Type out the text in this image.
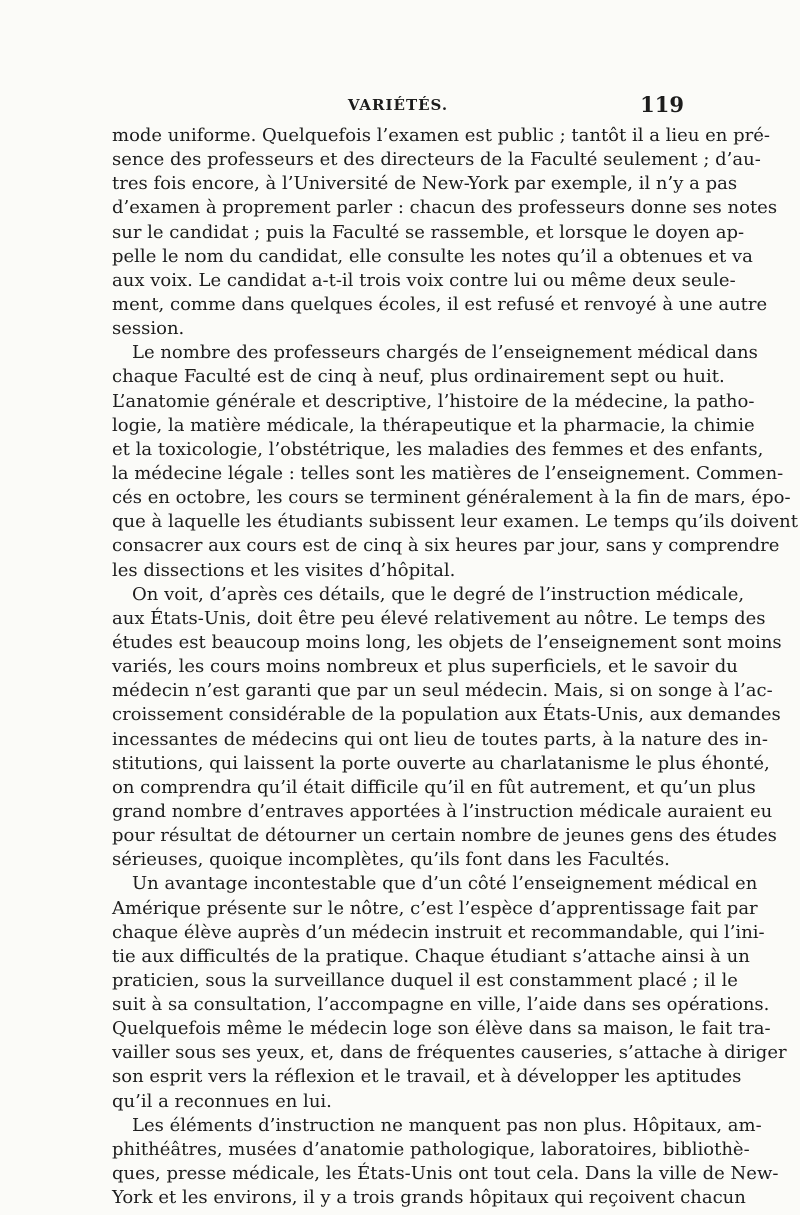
VARIÉTÉS.	119
mode uniforme. Quelquefois l’examen est public ; tantôt il a lieu en pré-
sence des professeurs et des directeurs de la Faculté seulement ; d’au-
tres fois encore, à l’Université de New-York par exemple, il n’y a pas
d’examen à proprement parler : chacun des professeurs donne ses notes
sur le candidat ; puis la Faculté se rassemble, et lorsque le doyen ap-
pelle le nom du candidat, elle consulte les notes qu’il a obtenues et va
aux voix. Le candidat a-t-il trois voix contre lui ou même deux seule-
ment, comme dans quelques écoles, il est refusé et renvoyé à une autre
session.
Le nombre des professeurs chargés de l’enseignement médical dans
chaque Faculté est de cinq à neuf, plus ordinairement sept ou huit.
L’anatomie générale et descriptive, l’histoire de la médecine, la patho-
logie, la matière médicale, la thérapeutique et la pharmacie, la chimie
et la toxicologie, l’obstétrique, les maladies des femmes et des enfants,
la médecine légale : telles sont les matières de l’enseignement. Commen-
cés en octobre, les cours se terminent généralement à la fin de mars, épo-
que à laquelle les étudiants subissent leur examen. Le temps qu’ils doivent
consacrer aux cours est de cinq à six heures par jour, sans y comprendre
les dissections et les visites d’hôpital.
On voit, d’après ces détails, que le degré de l’instruction médicale,
aux États-Unis, doit être peu élevé relativement au nôtre. Le temps des
études est beaucoup moins long, les objets de l’enseignement sont moins
variés, les cours moins nombreux et plus superficiels, et le savoir du
médecin n’est garanti que par un seul médecin. Mais, si on songe à l’ac-
croissement considérable de la population aux États-Unis, aux demandes
incessantes de médecins qui ont lieu de toutes parts, à la nature des in-
stitutions, qui laissent la porte ouverte au charlatanisme le plus éhonté,
on comprendra qu’il était difficile qu’il en fût autrement, et qu’un plus
grand nombre d’entraves apportées à l’instruction médicale auraient eu
pour résultat de détourner un certain nombre de jeunes gens des études
sérieuses, quoique incomplètes, qu’ils font dans les Facultés.
Un avantage incontestable que d’un côté l’enseignement médical en
Amérique présente sur le nôtre, c’est l’espèce d’apprentissage fait par
chaque élève auprès d’un médecin instruit et recommandable, qui l’ini-
tie aux difficultés de la pratique. Chaque étudiant s’attache ainsi à un
praticien, sous la surveillance duquel il est constamment placé ; il le
suit à sa consultation, l’accompagne en ville, l’aide dans ses opérations.
Quelquefois même le médecin loge son élève dans sa maison, le fait tra-
vailler sous ses yeux, et, dans de fréquentes causeries, s’attache à diriger
son esprit vers la réflexion et le travail, et à développer les aptitudes
qu’il a reconnues en lui.
Les éléments d’instruction ne manquent pas non plus. Hôpitaux, am-
phithéâtres, musées d’anatomie pathologique, laboratoires, bibliothè-
ques, presse médicale, les États-Unis ont tout cela. Dans la ville de New-
York et les environs, il y a trois grands hôpitaux qui reçoivent chacun
